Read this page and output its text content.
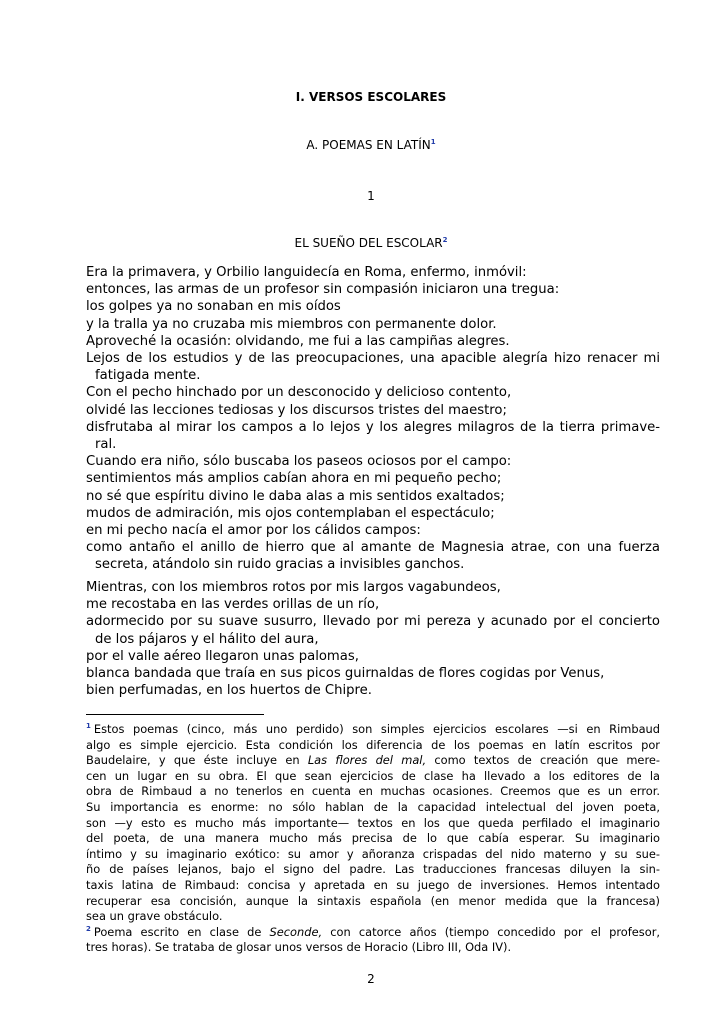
I. VERSOS ESCOLARES
A. POEMAS EN LATÍN$^1$
1
EL SUEÑO DEL ESCOLAR$^2$
Era la primavera, y Orbilio languidecía en Roma, enfermo, inmóvil:
entonces, las armas de un profesor sin compasión iniciaron una tregua:
los golpes ya no sonaban en mis oídos
y la tralla ya no cruzaba mis miembros con permanente dolor.
Aproveché la ocasión: olvidando, me fui a las campiñas alegres.
Lejos de los estudios y de las preocupaciones, una apacible alegría hizo renacer mi
fatigada mente.
Con el pecho hinchado por un desconocido y delicioso contento,
olvidé las lecciones tediosas y los discursos tristes del maestro;
disfrutaba al mirar los campos a lo lejos y los alegres milagros de la tierra primave-
ral.
Cuando era niño, sólo buscaba los paseos ociosos por el campo:
sentimientos más amplios cabían ahora en mi pequeño pecho;
no sé que espíritu divino le daba alas a mis sentidos exaltados;
mudos de admiración, mis ojos contemplaban el espectáculo;
en mi pecho nacía el amor por los cálidos campos:
como antaño el anillo de hierro que al amante de Magnesia atrae, con una fuerza
secreta, atándolo sin ruido gracias a invisibles ganchos.
Mientras, con los miembros rotos por mis largos vagabundeos,
me recostaba en las verdes orillas de un río,
adormecido por su suave susurro, llevado por mi pereza y acunado por el concierto
de los pájaros y el hálito del aura,
por el valle aéreo llegaron unas palomas,
blanca bandada que traía en sus picos guirnaldas de flores cogidas por Venus,
bien perfumadas, en los huertos de Chipre.
$^1$ Estos poemas (cinco, más uno perdido) son simples ejercicios escolares —si en Rimbaud
algo es simple ejercicio. Esta condición los diferencia de los poemas en latín escritos por
Baudelaire, y que éste incluye en Las flores del mal, como textos de creación que mere-
cen un lugar en su obra. El que sean ejercicios de clase ha llevado a los editores de la
obra de Rimbaud a no tenerlos en cuenta en muchas ocasiones. Creemos que es un error.
Su importancia es enorme: no sólo hablan de la capacidad intelectual del joven poeta,
son —y esto es mucho más importante— textos en los que queda perfilado el imaginario
del poeta, de una manera mucho más precisa de lo que cabía esperar. Su imaginario
íntimo y su imaginario exótico: su amor y añoranza crispadas del nido materno y su sue-
ño de países lejanos, bajo el signo del padre. Las traducciones francesas diluyen la sin-
taxis latina de Rimbaud: concisa y apretada en su juego de inversiones. Hemos intentado
recuperar esa concisión, aunque la sintaxis española (en menor medida que la francesa)
sea un grave obstáculo.
$^2$ Poema escrito en clase de Seconde, con catorce años (tiempo concedido por el profesor,
tres horas). Se trataba de glosar unos versos de Horacio (Libro III, Oda IV).
2
